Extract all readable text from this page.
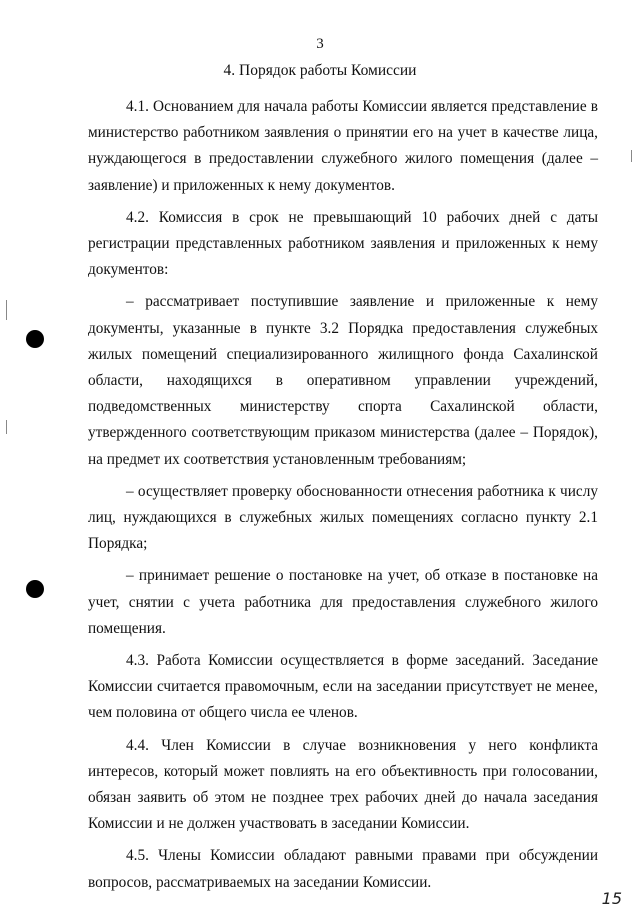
3
4. Порядок работы Комиссии

4.1. Основанием для начала работы Комиссии является представление в министерство работником заявления о принятии его на учет в качестве лица, нуждающегося в предоставлении служебного жилого помещения (далее – заявление) и приложенных к нему документов.

4.2. Комиссия в срок не превышающий 10 рабочих дней с даты регистрации представленных работником заявления и приложенных к нему документов:

– рассматривает поступившие заявление и приложенные к нему документы, указанные в пункте 3.2 Порядка предоставления служебных жилых помещений специализированного жилищного фонда Сахалинской области, находящихся в оперативном управлении учреждений, подведомственных министерству спорта Сахалинской области, утвержденного соответствующим приказом министерства (далее – Порядок), на предмет их соответствия установленным требованиям;

– осуществляет проверку обоснованности отнесения работника к числу лиц, нуждающихся в служебных жилых помещениях согласно пункту 2.1 Порядка;

– принимает решение о постановке на учет, об отказе в постановке на учет, снятии с учета работника для предоставления служебного жилого помещения.

4.3. Работа Комиссии осуществляется в форме заседаний. Заседание Комиссии считается правомочным, если на заседании присутствует не менее, чем половина от общего числа ее членов.

4.4. Член Комиссии в случае возникновения у него конфликта интересов, который может повлиять на его объективность при голосовании, обязан заявить об этом не позднее трех рабочих дней до начала заседания Комиссии и не должен участвовать в заседании Комиссии.

4.5. Члены Комиссии обладают равными правами при обсуждении вопросов, рассматриваемых на заседании Комиссии.

15
